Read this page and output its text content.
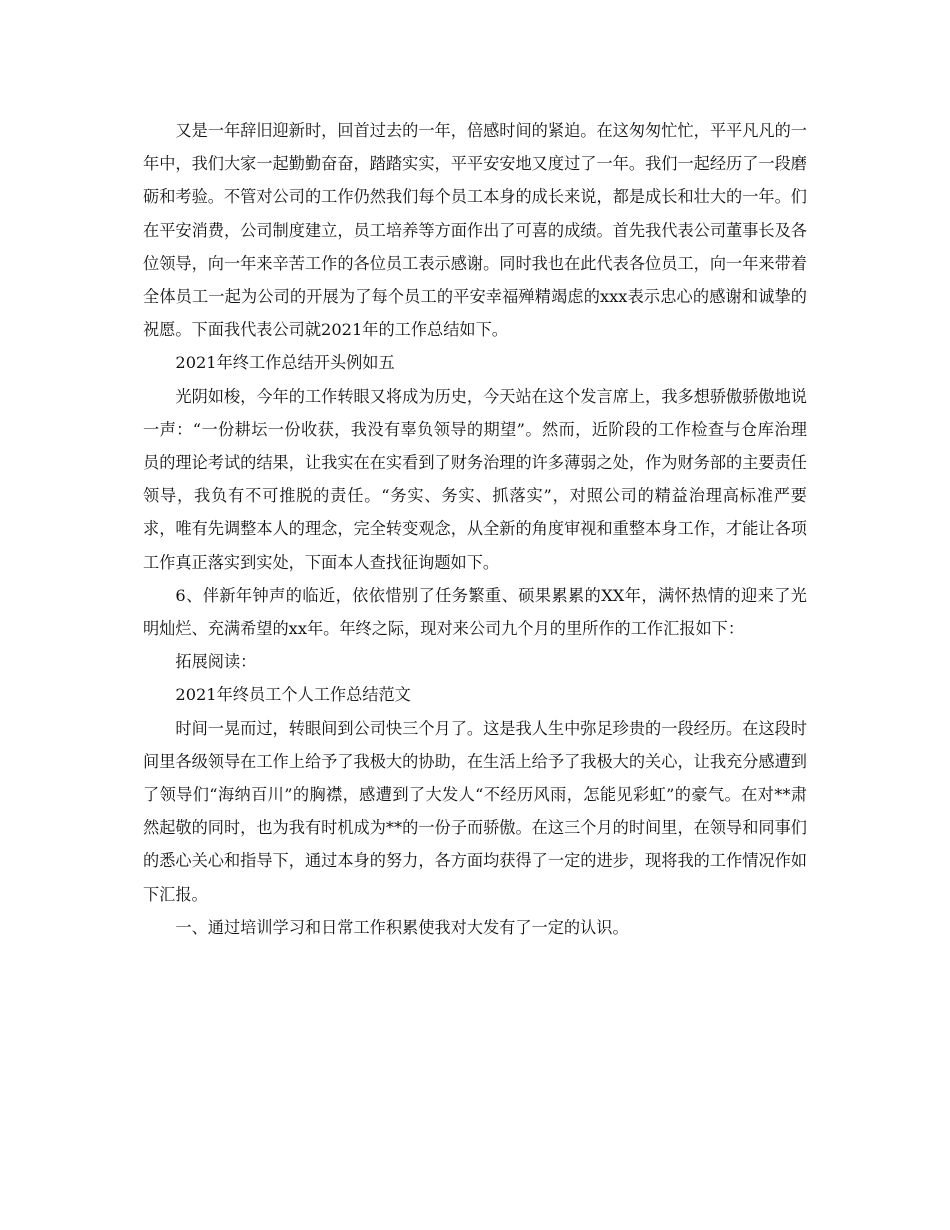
又是一年辞旧迎新时，回首过去的一年，倍感时间的紧迫。在这匆匆忙忙，平平凡凡的一年中，我们大家一起勤勤奋奋，踏踏实实，平平安安地又度过了一年。我们一起经历了一段磨砺和考验。不管对公司的工作仍然我们每个员工本身的成长来说，都是成长和壮大的一年。们在平安消费，公司制度建立，员工培养等方面作出了可喜的成绩。首先我代表公司董事长及各位领导，向一年来辛苦工作的各位员工表示感谢。同时我也在此代表各位员工，向一年来带着全体员工一起为公司的开展为了每个员工的平安幸福殚精竭虑的xxx表示忠心的感谢和诚挚的祝愿。下面我代表公司就2021年的工作总结如下。

2021年终工作总结开头例如五

光阴如梭，今年的工作转眼又将成为历史，今天站在这个发言席上，我多想骄傲骄傲地说一声：“一份耕坛一份收获，我没有辜负领导的期望”。然而，近阶段的工作检查与仓库治理员的理论考试的结果，让我实在在实看到了财务治理的许多薄弱之处，作为财务部的主要责任领导，我负有不可推脱的责任。“务实、务实、抓落实”，对照公司的精益治理高标准严要求，唯有先调整本人的理念，完全转变观念，从全新的角度审视和重整本身工作，才能让各项工作真正落实到实处，下面本人查找征询题如下。

6、伴新年钟声的临近，依依惜别了任务繁重、硕果累累的XX年，满怀热情的迎来了光明灿烂、充满希望的xx年。年终之际，现对来公司九个月的里所作的工作汇报如下：

拓展阅读：

2021年终员工个人工作总结范文

时间一晃而过，转眼间到公司快三个月了。这是我人生中弥足珍贵的一段经历。在这段时间里各级领导在工作上给予了我极大的协助，在生活上给予了我极大的关心，让我充分感遭到了领导们“海纳百川”的胸襟，感遭到了大发人“不经历风雨，怎能见彩虹”的豪气。在对**肃然起敬的同时，也为我有时机成为**的一份子而骄傲。在这三个月的时间里，在领导和同事们的悉心关心和指导下，通过本身的努力，各方面均获得了一定的进步，现将我的工作情况作如下汇报。

一、通过培训学习和日常工作积累使我对大发有了一定的认识。
